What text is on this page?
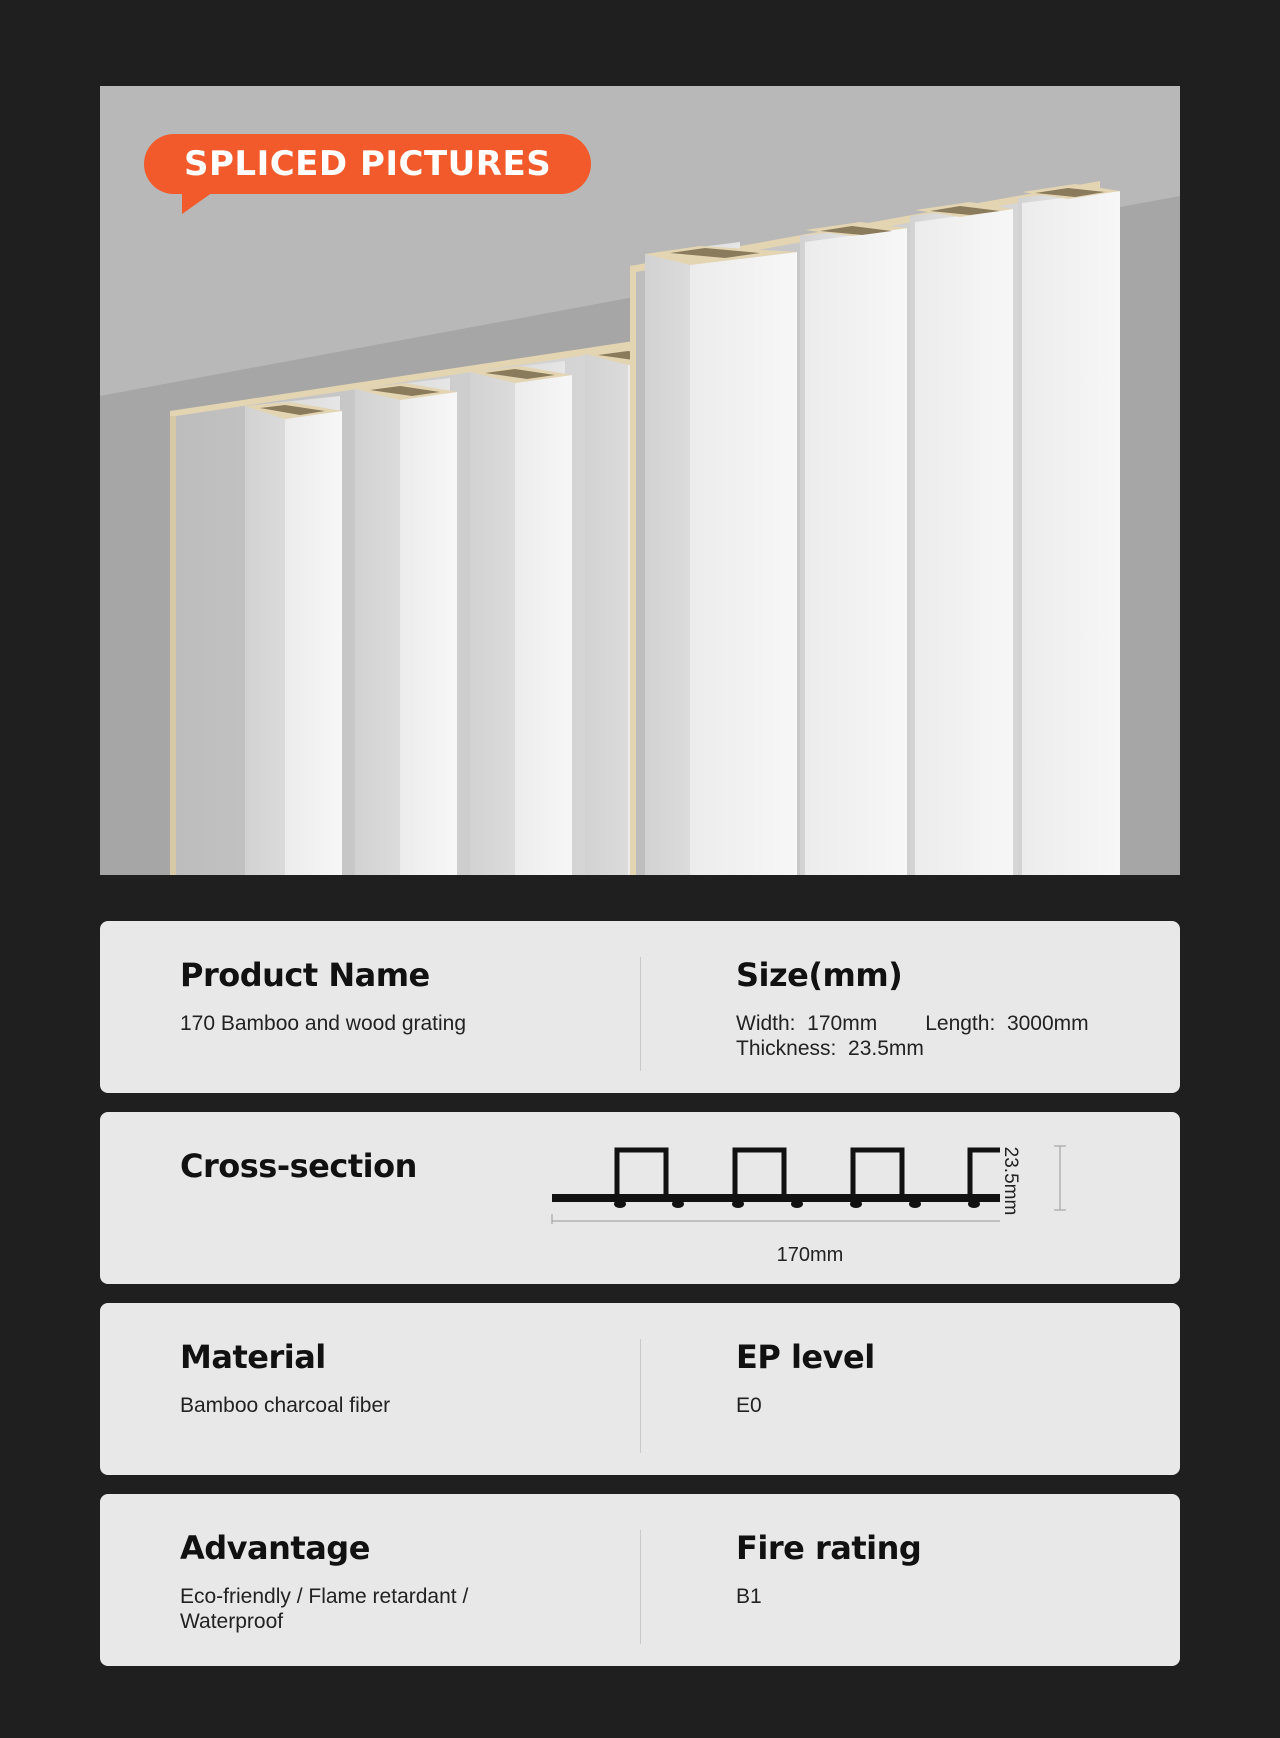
SPLICED PICTURES
Product Name
170 Bamboo and wood grating
Size(mm)
Width:  170mm Length:  3000mm
Thickness:  23.5mm
Cross-section
170mm
23.5mm
Material
Bamboo charcoal fiber
EP level
E0
Advantage
Eco-friendly / Flame retardant / Waterproof
Fire rating
B1
